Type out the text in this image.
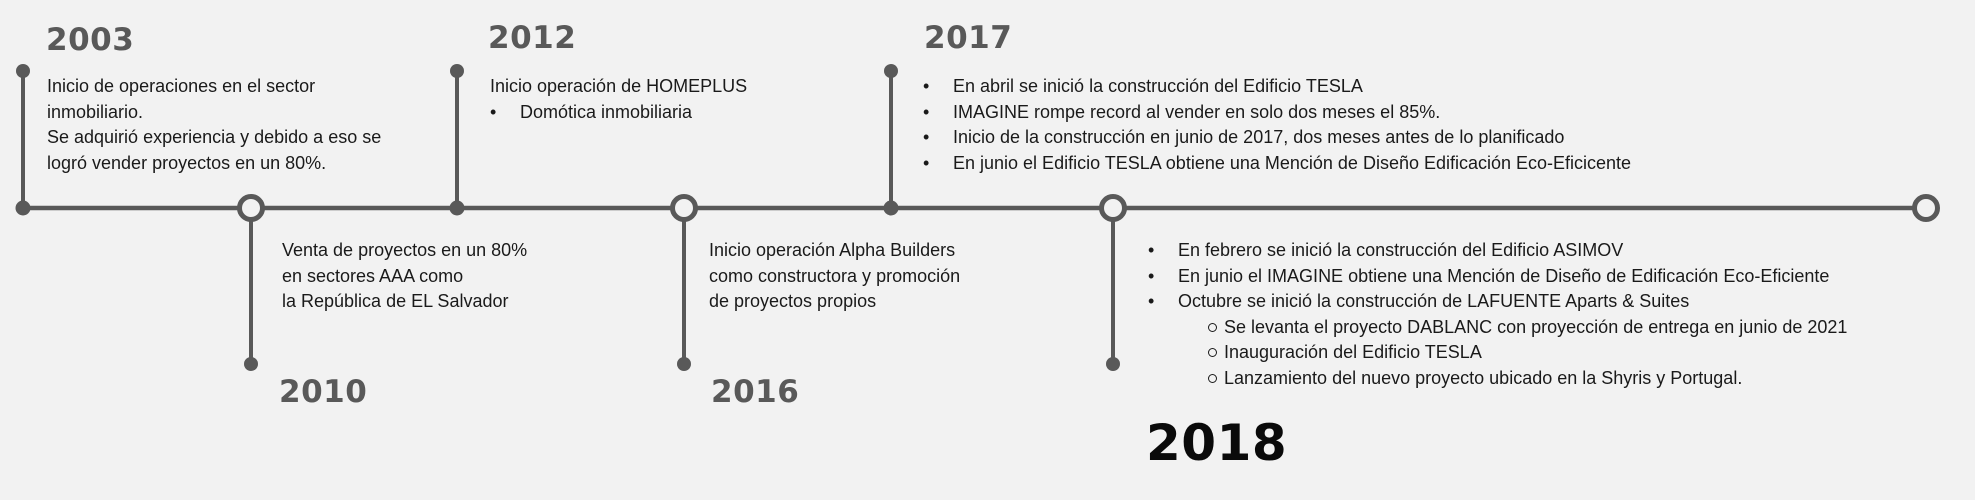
2003

Inicio de operaciones en el sector

inmobiliario.

Se adquirió experiencia y debido a eso se

logró vender proyectos en un 80%.

2010

Venta de proyectos en un 80%

en sectores AAA como

la República de EL Salvador

2012

Inicio operación de HOMEPLUS

• Domótica inmobiliaria
2016

Inicio operación Alpha Builders

como constructora y promoción

de proyectos propios

2017
• En abril se inició la construcción del Edificio TESLA
• IMAGINE rompe record al vender en solo dos meses el 85%.
• Inicio de la construcción en junio de 2017, dos meses antes de lo planificado
• En junio el Edificio TESLA obtiene una Mención de Diseño Edificación Eco-Eficicente
• En febrero se inició la construcción del Edificio ASIMOV
• En junio el IMAGINE obtiene una Mención de Diseño de Edificación Eco-Eficiente
• Octubre se inició la construcción de LAFUENTE Aparts & Suites
Se levanta el proyecto DABLANC con proyección de entrega en junio de 2021
Inauguración del Edificio TESLA
Lanzamiento del nuevo proyecto ubicado en la Shyris y Portugal.
2018
